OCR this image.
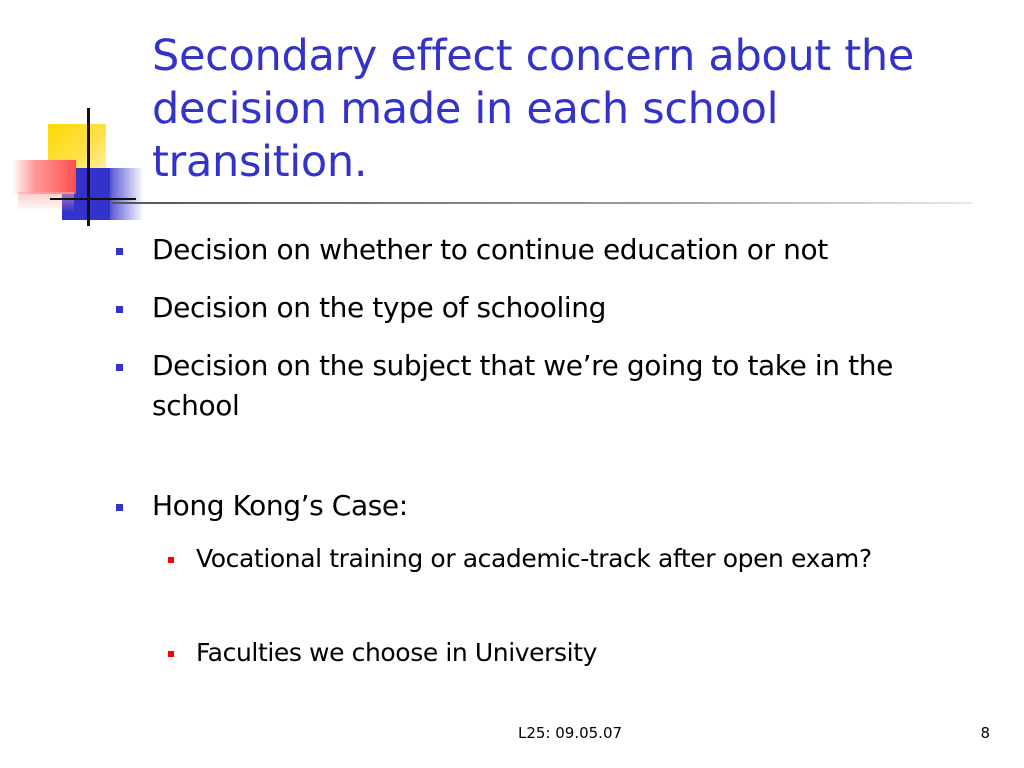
Secondary effect concern about the decision made in each school transition.
Decision on whether to continue education or not
Decision on the type of schooling
Decision on the subject that we’re going to take in the school
Hong Kong’s Case:
Vocational training or academic-track after open exam?
Faculties we choose in University
L25: 09.05.07	8
